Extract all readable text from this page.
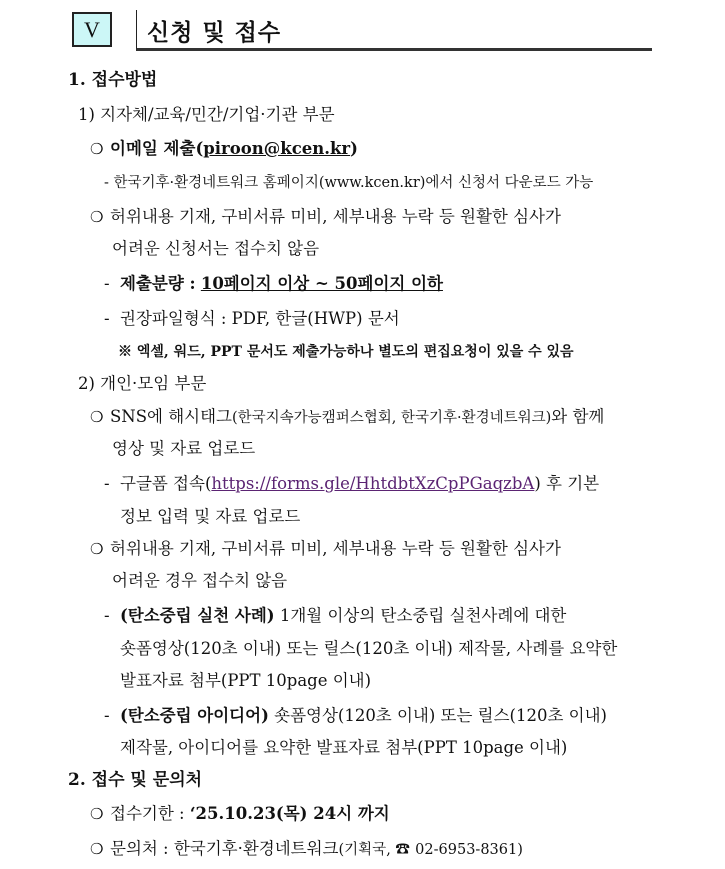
V	신청 및 접수
1. 접수방법
1) 지자체/교육/민간/기업·기관 부문
❍ 이메일 제출(piroon@kcen.kr)
- 한국기후·환경네트워크 홈페이지(www.kcen.kr)에서 신청서 다운로드 가능
❍ 허위내용 기재, 구비서류 미비, 세부내용 누락 등 원활한 심사가
어려운 신청서는 접수치 않음
- 제출분량 : 10페이지 이상 ~ 50페이지 이하
- 권장파일형식 : PDF, 한글(HWP) 문서
※ 엑셀, 워드, PPT 문서도 제출가능하나 별도의 편집요청이 있을 수 있음
2) 개인·모임 부문
❍ SNS에 해시태그(한국지속가능캠퍼스협회, 한국기후·환경네트워크)와 함께
영상 및 자료 업로드
- 구글폼 접속(https://forms.gle/HhtdbtXzCpPGaqzbA) 후 기본
정보 입력 및 자료 업로드
❍ 허위내용 기재, 구비서류 미비, 세부내용 누락 등 원활한 심사가
어려운 경우 접수치 않음
- (탄소중립 실천 사례) 1개월 이상의 탄소중립 실천사례에 대한
숏폼영상(120초 이내) 또는 릴스(120초 이내) 제작물, 사례를 요약한
발표자료 첨부(PPT 10page 이내)
- (탄소중립 아이디어) 숏폼영상(120초 이내) 또는 릴스(120초 이내)
제작물, 아이디어를 요약한 발표자료 첨부(PPT 10page 이내)
2. 접수 및 문의처
❍ 접수기한 : ‘25.10.23(목) 24시 까지
❍ 문의처 : 한국기후·환경네트워크(기획국, ☎ 02-6953-8361)
